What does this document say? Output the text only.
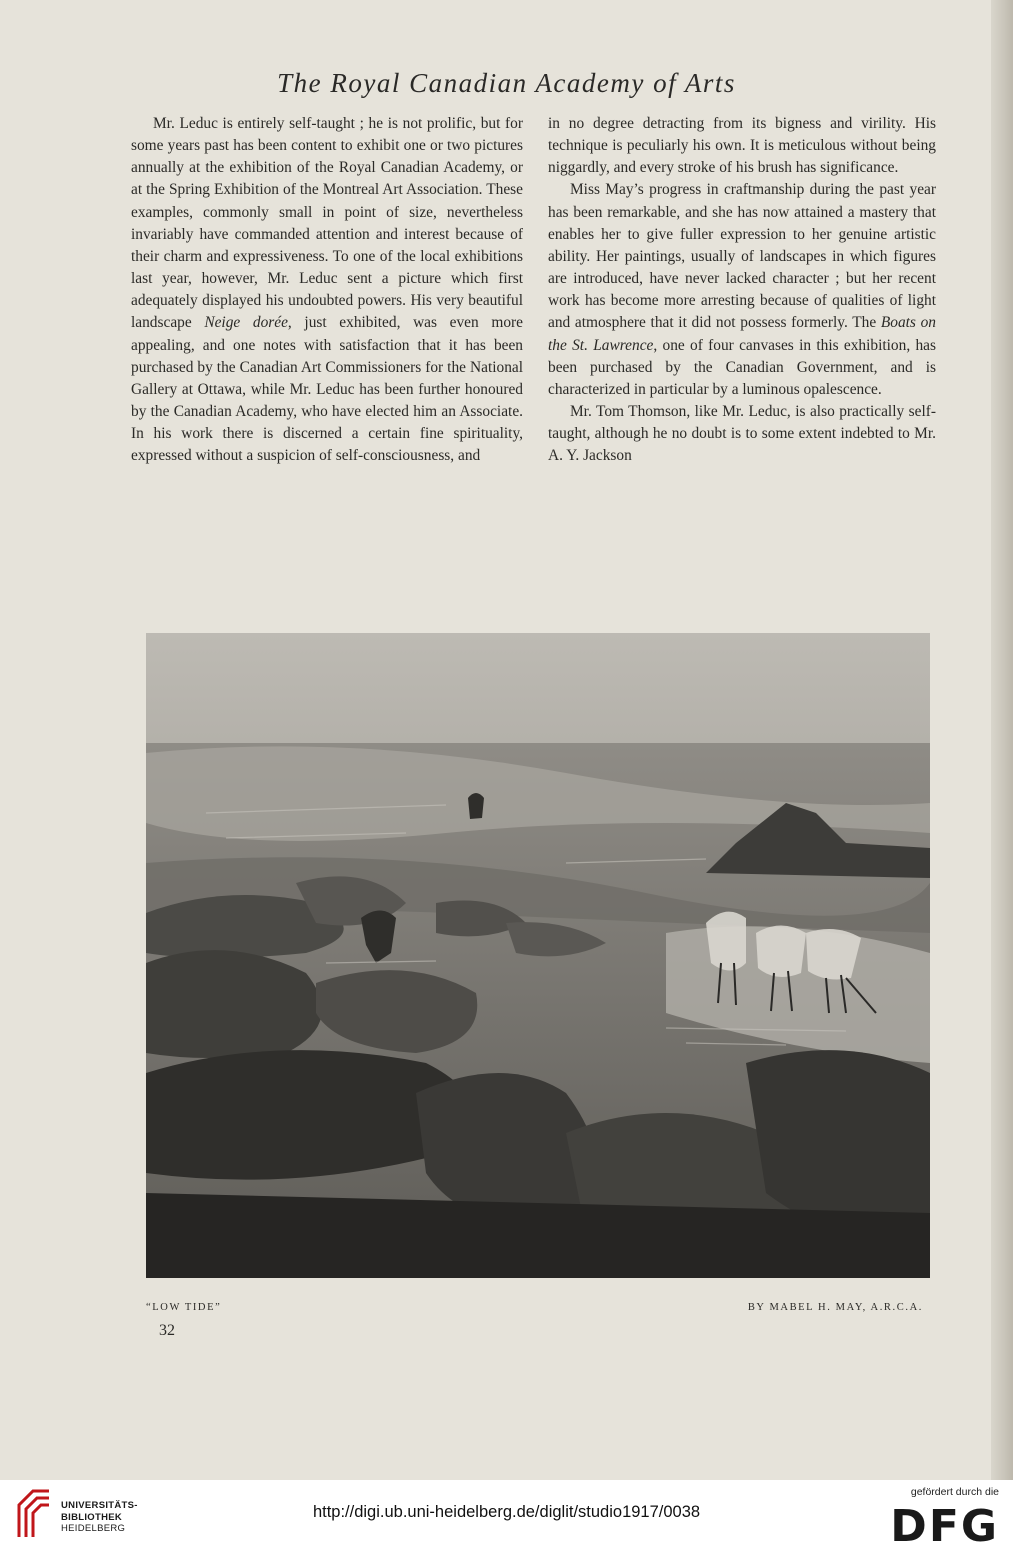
The Royal Canadian Academy of Arts

Mr. Leduc is entirely self-taught ; he is not prolific, but for some years past has been content to exhibit one or two pictures annually at the exhibition of the Royal Canadian Academy, or at the Spring Exhibition of the Montreal Art Association. These examples, commonly small in point of size, nevertheless invariably have commanded attention and interest because of their charm and expressiveness. To one of the local exhibitions last year, however, Mr. Leduc sent a picture which first adequately displayed his undoubted powers. His very beautiful landscape Neige dorée, just exhibited, was even more appealing, and one notes with satisfaction that it has been purchased by the Canadian Art Commissioners for the National Gallery at Ottawa, while Mr. Leduc has been further honoured by the Canadian Academy, who have elected him an Associate. In his work there is discerned a certain fine spirituality, expressed without a suspicion of self-consciousness, and

in no degree detracting from its bigness and virility. His technique is peculiarly his own. It is meticulous without being niggardly, and every stroke of his brush has significance.

Miss May’s progress in craftmanship during the past year has been remarkable, and she has now attained a mastery that enables her to give fuller expression to her genuine artistic ability. Her paintings, usually of landscapes in which figures are introduced, have never lacked character ; but her recent work has become more arresting because of qualities of light and atmosphere that it did not possess formerly. The Boats on the St. Lawrence, one of four canvases in this exhibition, has been purchased by the Canadian Government, and is characterized in particular by a luminous opalescence.

Mr. Tom Thomson, like Mr. Leduc, is also practically self-taught, although he no doubt is to some extent indebted to Mr. A. Y. Jackson

“LOW TIDE”	BY MABEL H. MAY, A.R.C.A.
32
UNIVERSITÄTS-
BIBLIOTHEK
HEIDELBERG
http://digi.ub.uni-heidelberg.de/diglit/studio1917/0038
gefördert durch die
DFG
